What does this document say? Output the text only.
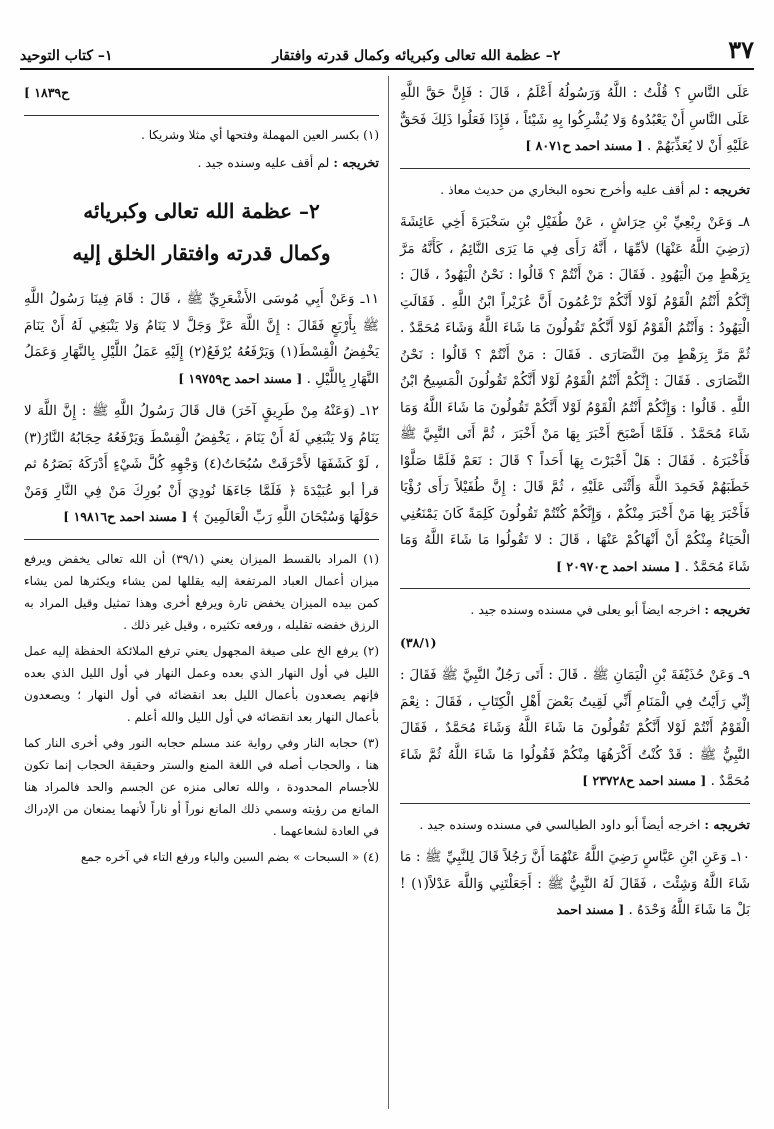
٣٧
٢– عظمة الله تعالى وكبريائه وكمال قدرته وافتقار
١– كتاب التوحيد

عَلَى النَّاسِ ؟ قُلْتُ : اللَّهُ وَرَسُولُهُ أَعْلَمُ ، قَالَ : فَإِنَّ حَقَّ اللَّهِ عَلَى النَّاسِ أَنْ يَعْبُدُوهُ وَلا يُشْرِكُوا بِهِ شَيْئاً ، فَإِذَا فَعَلُوا ذَلِكَ فَحَقٌّ عَلَيْهِ أَنْ لا يُعَذِّبَهُمْ . [ مسند احمد ح٨٠٧١ ]

تخريجه : لم أقف عليه وأخرج نحوه البخاري من حديث معاذ .

٨ـ وَعَنْ رِبْعِيِّ بْنِ حِرَاشٍ ، عَنْ طُفَيْلِ بْنِ سَخْبَرَةَ أَخِي عَائِشَةَ (رَضِيَ اللَّهُ عَنْهَا) لأمِّهَا ، أَنَّهُ رَأَى فِي مَا يَرَى النَّائِمُ ، كَأَنَّهُ مَرَّ بِرَهْطٍ مِنَ الْيَهُودِ . فَقَالَ : مَنْ أَنْتُمْ ؟ قَالُوا : نَحْنُ الْيَهُودُ ، قَالَ : إِنَّكُمْ أَنْتُمُ الْقَوْمُ لَوْلا أَنَّكُمْ تَزْعُمُونَ أَنَّ عُزَيْراً ابْنُ اللَّهِ . فَقَالَتِ الْيَهُودُ : وَأَنْتُمُ الْقَوْمُ لَوْلا أَنَّكُمْ تَقُولُونَ مَا شَاءَ اللَّهُ وَشَاءَ مُحَمَّدٌ . ثُمَّ مَرَّ بِرَهْطٍ مِنَ النَّصَارَى . فَقَالَ : مَنْ أَنْتُمْ ؟ قَالُوا : نَحْنُ النَّصَارَى . فَقَالَ : إِنَّكُمْ أَنْتُمُ الْقَوْمُ لَوْلا أَنَّكُمْ تَقُولُونَ الْمَسِيحُ ابْنُ اللَّهِ . قَالُوا : وَإِنَّكُمْ أَنْتُمُ الْقَوْمُ لَوْلا أَنَّكُمْ تَقُولُونَ مَا شَاءَ اللَّهُ وَمَا شَاءَ مُحَمَّدٌ . فَلَمَّا أَصْبَحَ أَخْبَرَ بِهَا مَنْ أَخْبَرَ ، ثُمَّ أَتَى النَّبِيَّ ﷺ فَأَخْبَرَهُ . فَقَالَ : هَلْ أَخْبَرْتَ بِهَا أَحَداً ؟ قَالَ : نَعَمْ فَلَمَّا صَلَّوْا خَطَبَهُمْ فَحَمِدَ اللَّهَ وَأَثْنَى عَلَيْهِ ، ثُمَّ قَالَ : إِنَّ طُفَيْلاً رَأَى رُؤْيَا فَأَخْبَرَ بِهَا مَنْ أَخْبَرَ مِنْكُمْ ، وَإِنَّكُمْ كُنْتُمْ تَقُولُونَ كَلِمَةً كَانَ يَمْنَعُنِي الْحَيَاءُ مِنْكُمْ أَنْ أَنْهَاكُمْ عَنْهَا ، قَالَ : لا تَقُولُوا مَا شَاءَ اللَّهُ وَمَا شَاءَ مُحَمَّدٌ . [ مسند احمد ح٢٠٩٧٠ ]

تخريجه : اخرجه ايضاً أبو يعلى في مسنده وسنده جيد .

(٣٨/١)

٩ـ وَعَنْ حُذَيْفَةَ بْنِ الْيَمَانِ ﷺ . قَالَ : أَتَى رَجُلٌ النَّبِيَّ ﷺ فَقَالَ : إِنِّي رَأَيْتُ فِي الْمَنَامِ أَنِّي لَقِيتُ بَعْضَ أَهْلِ الْكِتَابِ ، فَقَالَ : نِعْمَ الْقَوْمُ أَنْتُمْ لَوْلا أَنَّكُمْ تَقُولُونَ مَا شَاءَ اللَّهُ وَشَاءَ مُحَمَّدٌ ، فَقَالَ النَّبِيُّ ﷺ : قَدْ كُنْتُ أَكْرَهُهَا مِنْكُمْ فَقُولُوا مَا شَاءَ اللَّهُ ثُمَّ شَاءَ مُحَمَّدٌ . [ مسند احمد ح٢٣٧٢٨ ]

تخريجه : اخرجه أيضاً أبو داود الطيالسي في مسنده وسنده جيد .

١٠ـ وَعَنِ ابْنِ عَبَّاسٍ رَضِيَ اللَّهُ عَنْهُمَا أَنَّ رَجُلاً قَالَ لِلنَّبِيِّ ﷺ : مَا شَاءَ اللَّهُ وَشِئْتَ ، فَقَالَ لَهُ النَّبِيُّ ﷺ : أَجَعَلْتَنِي وَاللَّهَ عَدْلاً(١) ! بَلْ مَا شَاءَ اللَّهُ وَحْدَهُ . [ مسند احمد

ح١٨٣٩ ]

(١) بكسر العين المهملة وفتحها أي مثلا وشريكا .

تخريجه : لم أقف عليه وسنده جيد .

٢– عظمة الله تعالى وكبريائه
وكمال قدرته وافتقار الخلق إليه

١١ـ وَعَنْ أَبِي مُوسَى الأَشْعَرِيِّ ﷺ ، قَالَ : قَامَ فِينَا رَسُولُ اللَّهِ ﷺ بِأَرْبَعٍ فَقَالَ : إِنَّ اللَّهَ عَزَّ وَجَلَّ لا يَنَامُ وَلا يَنْبَغِي لَهُ أَنْ يَنَامَ يَخْفِضُ الْقِسْطَ(١) وَيَرْفَعُهُ يُرْفَعُ(٢) إِلَيْهِ عَمَلُ اللَّيْلِ بِالنَّهَارِ وَعَمَلُ النَّهَارِ بِاللَّيْلِ . [ مسند احمد ح١٩٧٥٩ ]

١٢ـ (وَعَنْهُ مِنْ طَرِيقٍ آخَرَ) قال قَالَ رَسُولُ اللَّهِ ﷺ : إِنَّ اللَّهَ لا يَنَامُ وَلا يَنْبَغِي لَهُ أَنْ يَنَامَ ، يَخْفِضُ الْقِسْطَ وَيَرْفَعُهُ حِجَابُهُ النَّارُ(٣) ، لَوْ كَشَفَهَا لأَحْرَقَتْ سُبُحَاتُ(٤) وَجْهِهِ كُلَّ شَيْءٍ أَدْرَكَهُ بَصَرُهُ ثم قرأ أبو عُبَيْدَةَ ﴿ فَلَمَّا جَاءَهَا نُودِيَ أَنْ بُورِكَ مَنْ فِي النَّارِ وَمَنْ حَوْلَهَا وَسُبْحَانَ اللَّهِ رَبِّ الْعَالَمِينَ ﴾ [ مسند احمد ح١٩٨١٦ ]

(١) المراد بالقسط الميزان يعني (٣٩/١) أن الله تعالى يخفض ويرفع ميزان أعمال العباد المرتفعة إليه يقللها لمن يشاء ويكثرها لمن يشاء كمن بيده الميزان يخفض تارة ويرفع أخرى وهذا تمثيل وقيل المراد به الرزق خفضه تقليله ، ورفعه تكثيره ، وقيل غير ذلك .

(٢) يرفع الخ على صيغة المجهول يعني ترفع الملائكة الحفظة إليه عمل الليل في أول النهار الذي بعده وعمل النهار في أول الليل الذي بعده فإنهم يصعدون بأعمال الليل بعد انقضائه في أول النهار ؛ ويصعدون بأعمال النهار بعد انقضائه في أول الليل والله أعلم .

(٣) حجابه النار وفي رواية عند مسلم حجابه النور وفي أخرى النار كما هنا ، والحجاب أصله في اللغة المنع والستر وحقيقة الحجاب إنما تكون للأجسام المحدودة ، والله تعالى منزه عن الجسم والحد فالمراد هنا المانع من رؤيته وسمي ذلك المانع نوراً أو ناراً لأنهما يمنعان من الإدراك في العادة لشعاعهما .

(٤) « السبحات » بضم السين والباء ورفع التاء في آخره جمع
